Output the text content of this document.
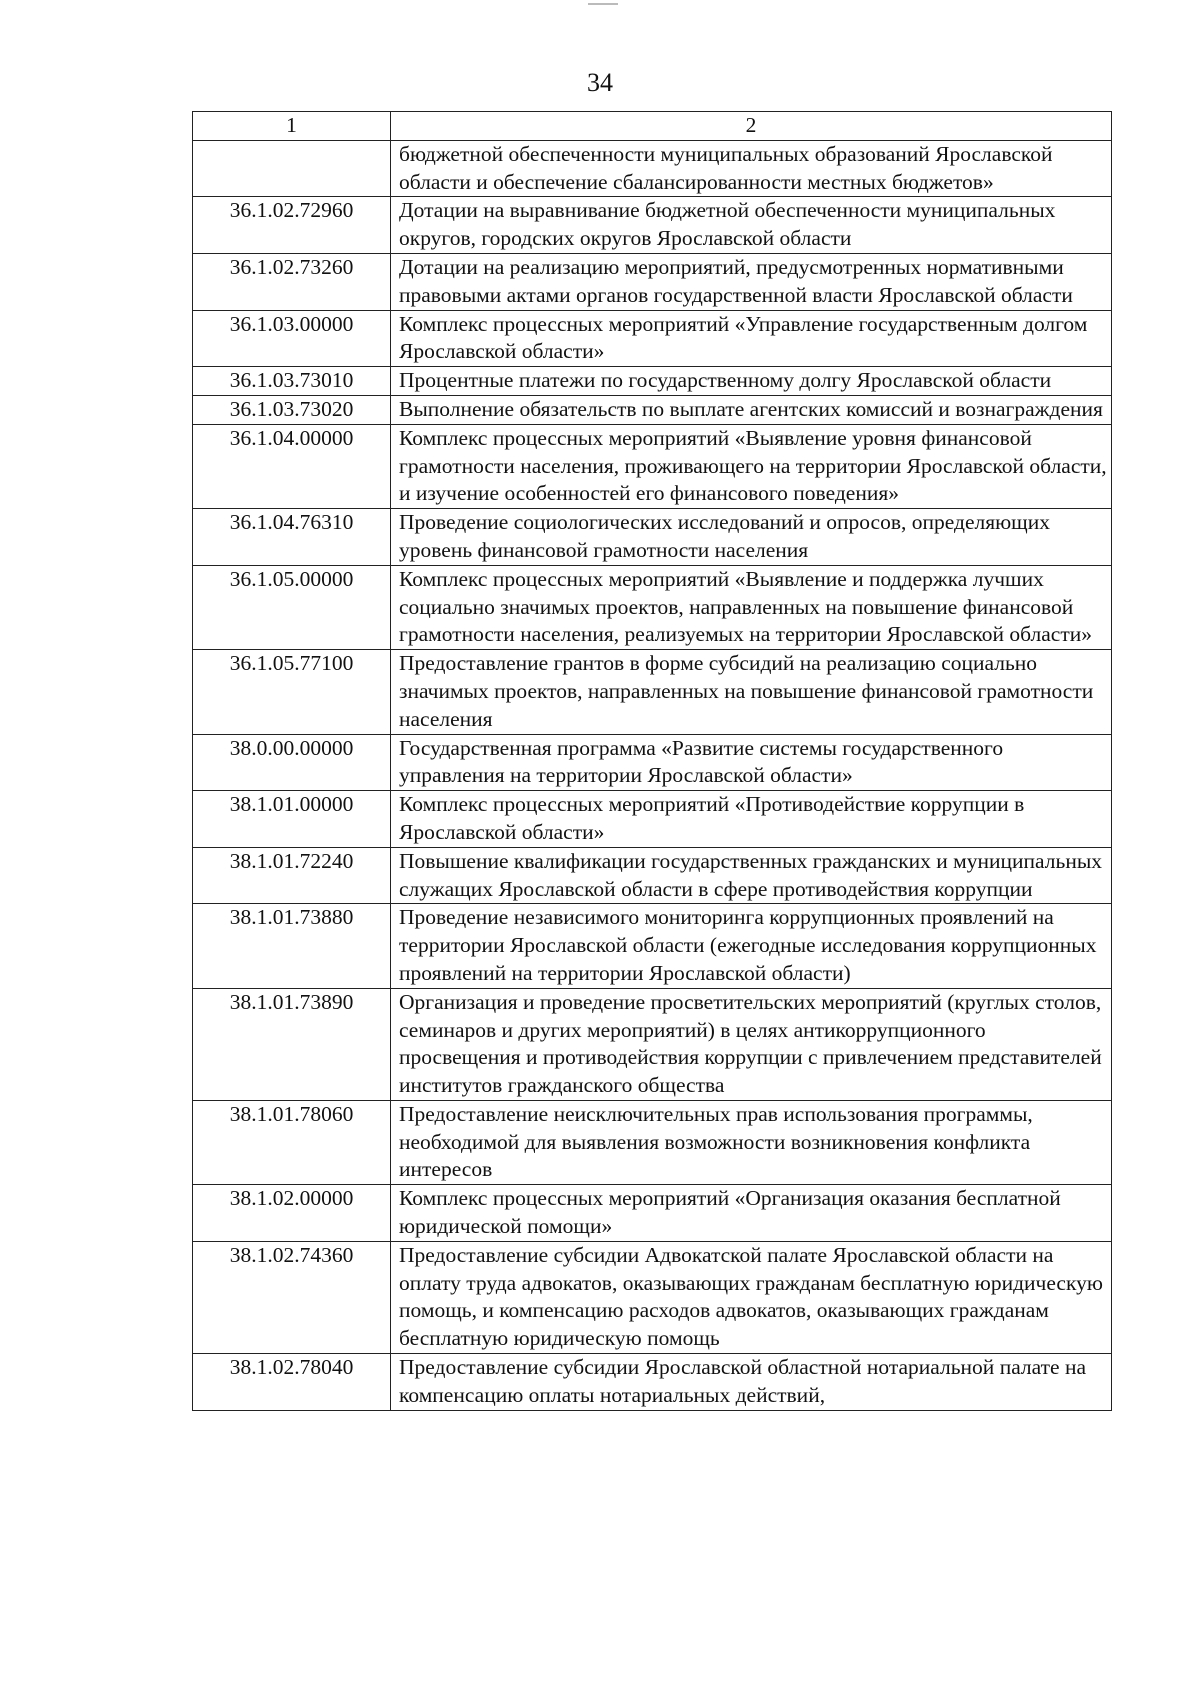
34
1	2
	бюджетной обеспеченности муниципальных образований Ярославской области и обеспечение сбалансированности местных бюджетов»
36.1.02.72960	Дотации на выравнивание бюджетной обеспеченности муниципальных округов, городских округов Ярославской области
36.1.02.73260	Дотации на реализацию мероприятий, предусмотренных нормативными правовыми актами органов государственной власти Ярославской области
36.1.03.00000	Комплекс процессных мероприятий «Управление государственным долгом Ярославской области»
36.1.03.73010	Процентные платежи по государственному долгу Ярославской области
36.1.03.73020	Выполнение обязательств по выплате агентских комиссий и вознаграждения
36.1.04.00000	Комплекс процессных мероприятий «Выявление уровня финансовой грамотности населения, проживающего на территории Ярославской области, и изучение особенностей его финансового поведения»
36.1.04.76310	Проведение социологических исследований и опросов, определяющих уровень финансовой грамотности населения
36.1.05.00000	Комплекс процессных мероприятий «Выявление и поддержка лучших социально значимых проектов, направленных на повышение финансовой грамотности населения, реализуемых на территории Ярославской области»
36.1.05.77100	Предоставление грантов в форме субсидий на реализацию социально значимых проектов, направленных на повышение финансовой грамотности населения
38.0.00.00000	Государственная программа «Развитие системы государственного управления на территории Ярославской области»
38.1.01.00000	Комплекс процессных мероприятий «Противодействие коррупции в Ярославской области»
38.1.01.72240	Повышение квалификации государственных гражданских и муниципальных служащих Ярославской области в сфере противодействия коррупции
38.1.01.73880	Проведение независимого мониторинга коррупционных проявлений на территории Ярославской области (ежегодные исследования коррупционных проявлений на территории Ярославской области)
38.1.01.73890	Организация и проведение просветительских мероприятий (круглых столов, семинаров и других мероприятий) в целях антикоррупционного просвещения и противодействия коррупции с привлечением представителей институтов гражданского общества
38.1.01.78060	Предоставление неисключительных прав использования программы, необходимой для выявления возможности возникновения конфликта интересов
38.1.02.00000	Комплекс процессных мероприятий «Организация оказания бесплатной юридической помощи»
38.1.02.74360	Предоставление субсидии Адвокатской палате Ярославской области на оплату труда адвокатов, оказывающих гражданам бесплатную юридическую помощь, и компенсацию расходов адвокатов, оказывающих гражданам бесплатную юридическую помощь
38.1.02.78040	Предоставление субсидии Ярославской областной нотариальной палате на компенсацию оплаты нотариальных действий,
